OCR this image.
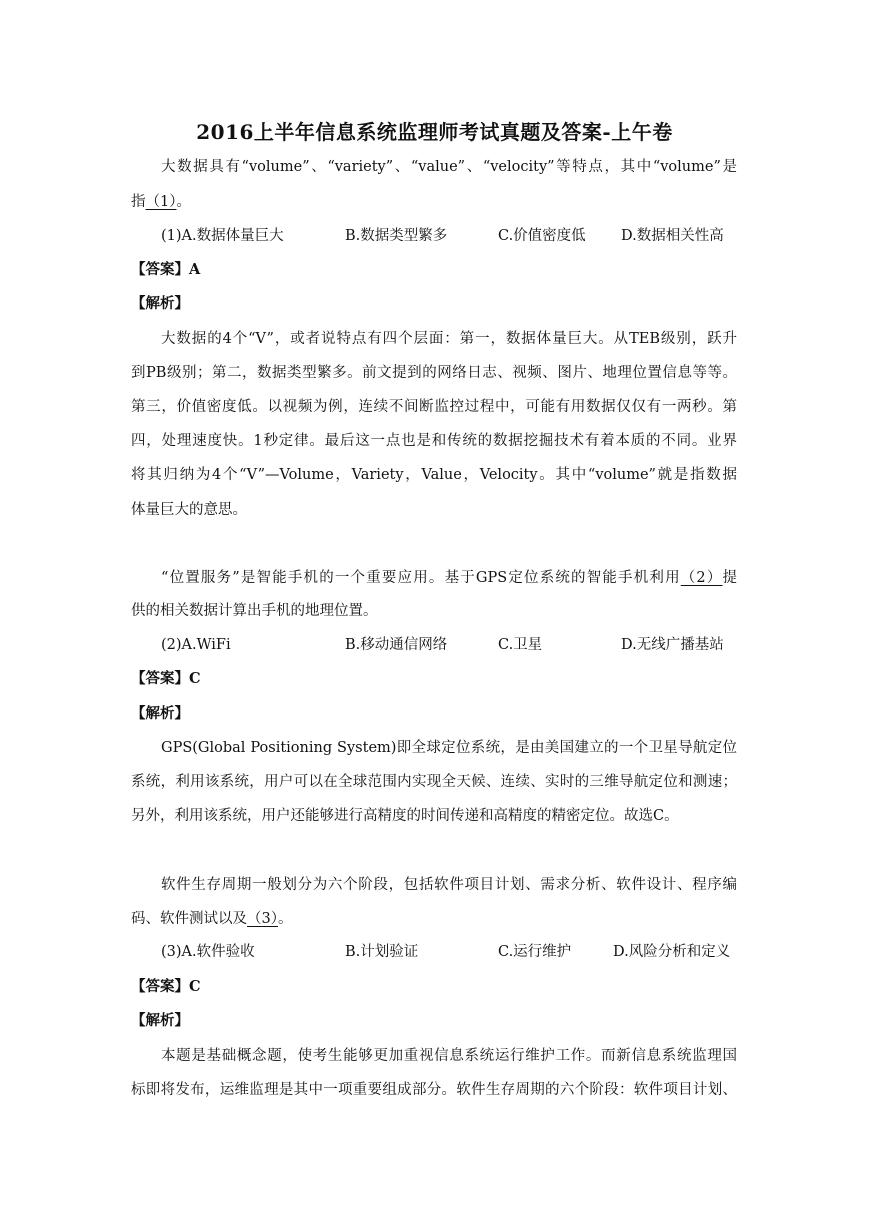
2016上半年信息系统监理师考试真题及答案-上午卷
大数据具有“volume”、“variety”、“value”、“velocity”等特点，其中“volume”是
指（1）。
(1)A.数据体量巨大	B.数据类型繁多	C.价值密度低 D.数据相关性高
【答案】A
【解析】
大数据的4个“V”，或者说特点有四个层面：第一，数据体量巨大。从TEB级别，跃升
到PB级别；第二，数据类型繁多。前文提到的网络日志、视频、图片、地理位置信息等等。
第三，价值密度低。以视频为例，连续不间断监控过程中，可能有用数据仅仅有一两秒。第
四，处理速度快。1秒定律。最后这一点也是和传统的数据挖掘技术有着本质的不同。业界
将其归纳为4个“V”—Volume，Variety，Value，Velocity。其中“volume”就是指数据
体量巨大的意思。
“位置服务”是智能手机的一个重要应用。基于GPS定位系统的智能手机利用（2）提
供的相关数据计算出手机的地理位置。
(2)A.WiFi	B.移动通信网络	C.卫星	D.无线广播基站
【答案】C
【解析】
GPS(Global Positioning System)即全球定位系统，是由美国建立的一个卫星导航定位
系统，利用该系统，用户可以在全球范围内实现全天候、连续、实时的三维导航定位和测速；
另外，利用该系统，用户还能够进行高精度的时间传递和高精度的精密定位。故选C。
软件生存周期一般划分为六个阶段，包括软件项目计划、需求分析、软件设计、程序编
码、软件测试以及（3）。
(3)A.软件验收	B.计划验证	C.运行维护	D.风险分析和定义
【答案】C
【解析】
本题是基础概念题，使考生能够更加重视信息系统运行维护工作。而新信息系统监理国
标即将发布，运维监理是其中一项重要组成部分。软件生存周期的六个阶段：软件项目计划、
